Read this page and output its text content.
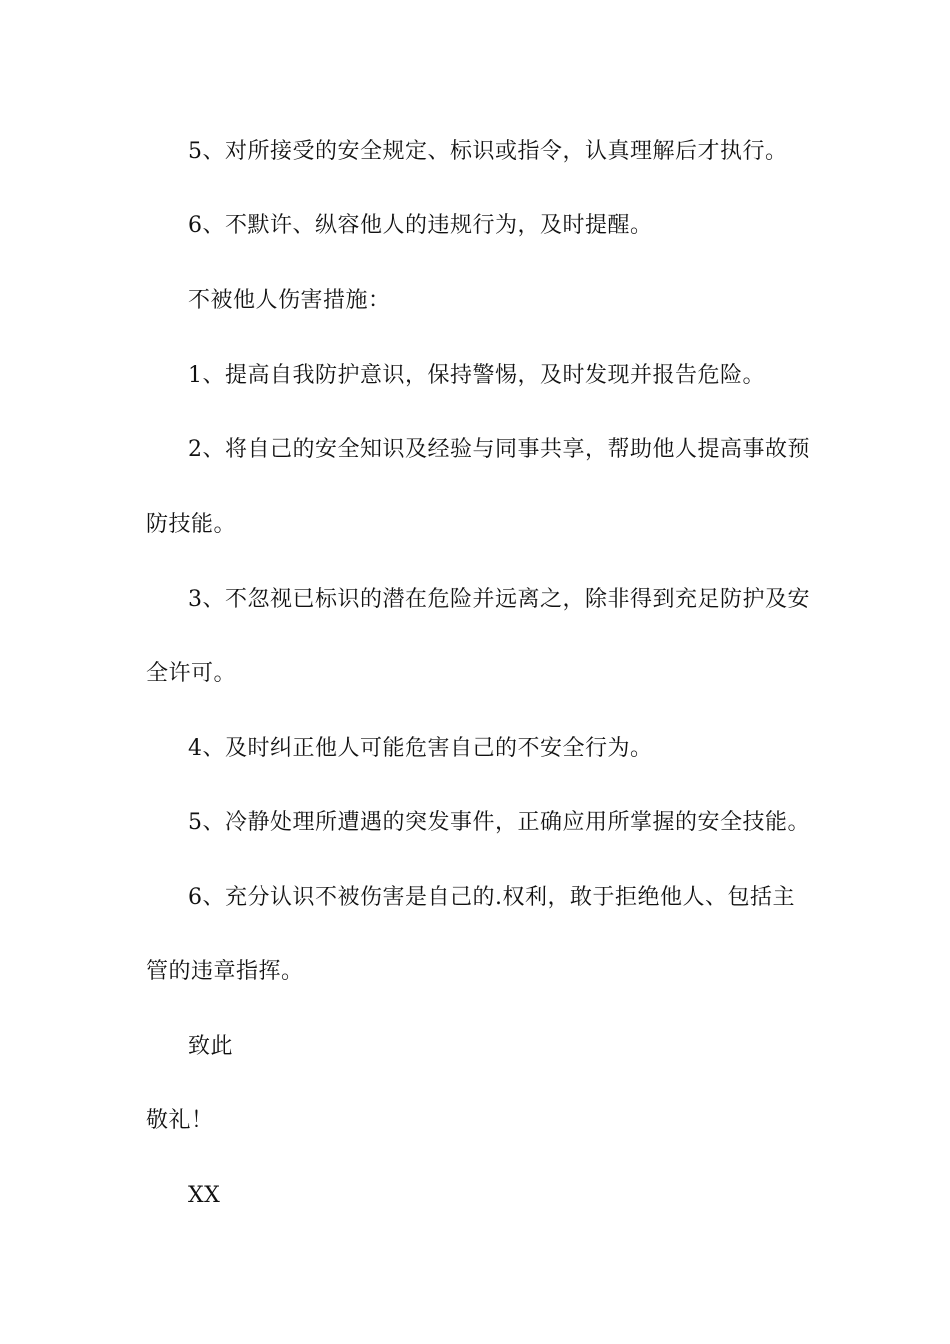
5、对所接受的安全规定、标识或指令，认真理解后才执行。
6、不默许、纵容他人的违规行为，及时提醒。
不被他人伤害措施：
1、提高自我防护意识，保持警惕，及时发现并报告危险。
2、将自己的安全知识及经验与同事共享，帮助他人提高事故预
防技能。
3、不忽视已标识的潜在危险并远离之，除非得到充足防护及安
全许可。
4、及时纠正他人可能危害自己的不安全行为。
5、冷静处理所遭遇的突发事件，正确应用所掌握的安全技能。
6、充分认识不被伤害是自己的.权利，敢于拒绝他人、包括主
管的违章指挥。
致此
敬礼！
XX
